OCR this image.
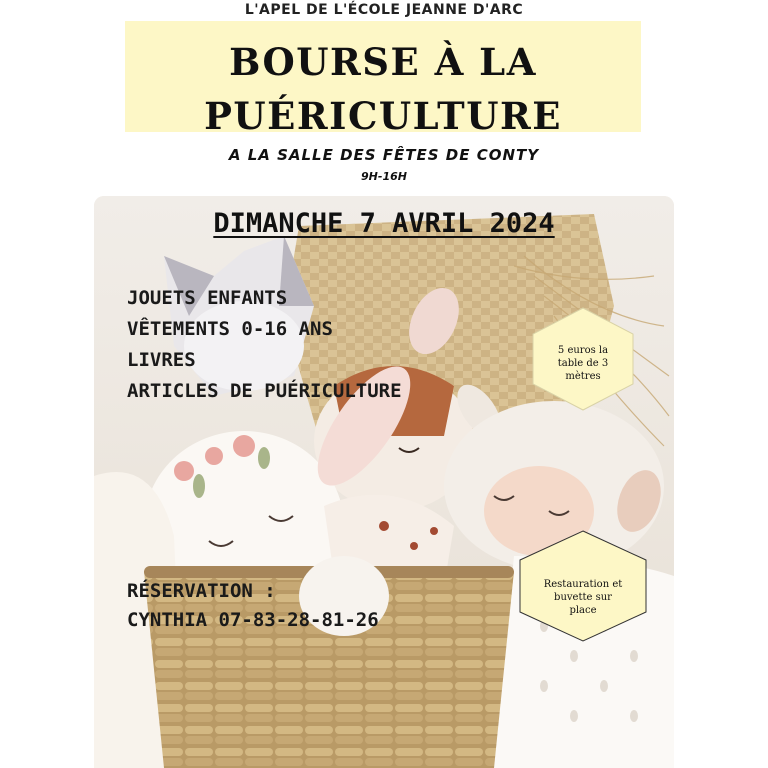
L'APEL DE L'ÉCOLE JEANNE D'ARC
BOURSE À LA
PUÉRICULTURE
A LA SALLE DES FÊTES DE CONTY
9H-16H
DIMANCHE 7 AVRIL 2024
JOUETS ENFANTS
VÊTEMENTS 0-16 ANS
LIVRES
ARTICLES DE PUÉRICULTURE
5 euros la
table de 3
mètres
Restauration et
buvette sur
place
RÉSERVATION :
CYNTHIA 07-83-28-81-26
